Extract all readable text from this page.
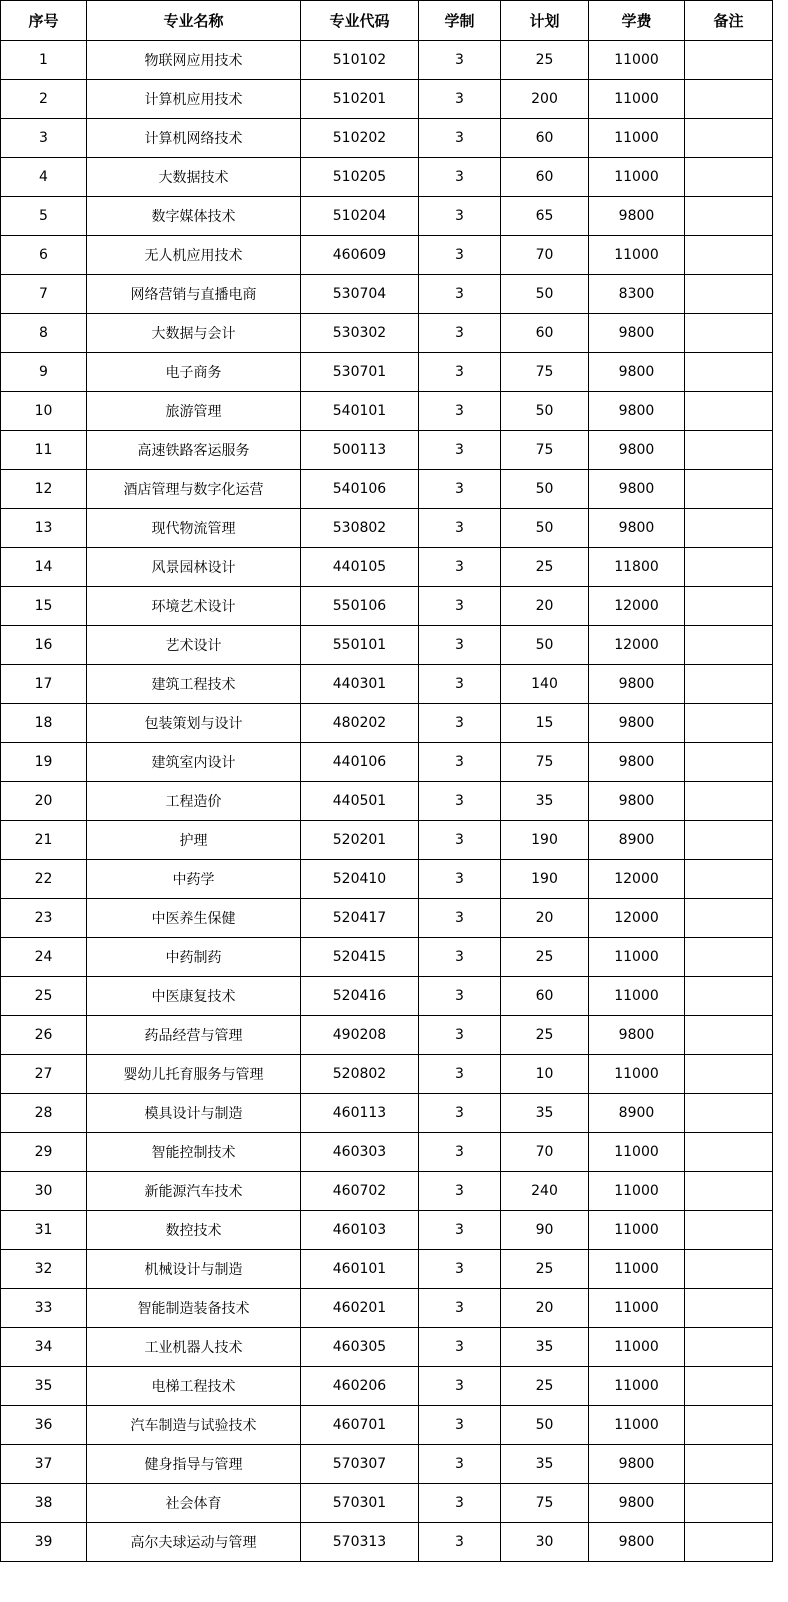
序号	专业名称	专业代码	学制	计划	学费	备注
1	物联网应用技术	510102	3	25	11000	
2	计算机应用技术	510201	3	200	11000	
3	计算机网络技术	510202	3	60	11000	
4	大数据技术	510205	3	60	11000	
5	数字媒体技术	510204	3	65	9800	
6	无人机应用技术	460609	3	70	11000	
7	网络营销与直播电商	530704	3	50	8300	
8	大数据与会计	530302	3	60	9800	
9	电子商务	530701	3	75	9800	
10	旅游管理	540101	3	50	9800	
11	高速铁路客运服务	500113	3	75	9800	
12	酒店管理与数字化运营	540106	3	50	9800	
13	现代物流管理	530802	3	50	9800	
14	风景园林设计	440105	3	25	11800	
15	环境艺术设计	550106	3	20	12000	
16	艺术设计	550101	3	50	12000	
17	建筑工程技术	440301	3	140	9800	
18	包装策划与设计	480202	3	15	9800	
19	建筑室内设计	440106	3	75	9800	
20	工程造价	440501	3	35	9800	
21	护理	520201	3	190	8900	
22	中药学	520410	3	190	12000	
23	中医养生保健	520417	3	20	12000	
24	中药制药	520415	3	25	11000	
25	中医康复技术	520416	3	60	11000	
26	药品经营与管理	490208	3	25	9800	
27	婴幼儿托育服务与管理	520802	3	10	11000	
28	模具设计与制造	460113	3	35	8900	
29	智能控制技术	460303	3	70	11000	
30	新能源汽车技术	460702	3	240	11000	
31	数控技术	460103	3	90	11000	
32	机械设计与制造	460101	3	25	11000	
33	智能制造装备技术	460201	3	20	11000	
34	工业机器人技术	460305	3	35	11000	
35	电梯工程技术	460206	3	25	11000	
36	汽车制造与试验技术	460701	3	50	11000	
37	健身指导与管理	570307	3	35	9800	
38	社会体育	570301	3	75	9800	
39	高尔夫球运动与管理	570313	3	30	9800	
